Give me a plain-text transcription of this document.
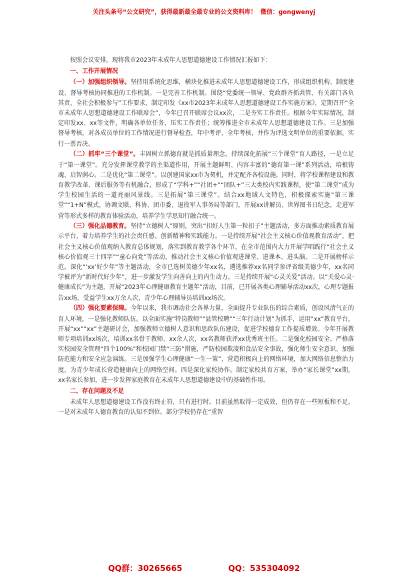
关注头条号“公文研究”，获得最新最全最专业的公文资料库！ 微信：gongwenyj

按照会议安排，现将我市2023年未成年人思想道德建设工作情况汇报如下：

一、工作开展情况

（一）加强组织领导。坚持用系统化思维，横块化推进未成年人思想道德建设工作，形成组织机构、制度建设、督导考核协同推进的工作机制。一是完善工作机制。围绕“党委统一领导、党政群齐抓共管、有关部门各负其责、全社会积极参与”工作要求，制定印发《xx市2023年未成年人思想道德建设工作实施方案》，定期召开“全市未成年人思想道德建设工作联席会”，今年已召开联席会议xx次，二是夯实工作责任。根据今年实际情况，制定印发xx、xx等文件，明确各单位任务，压实工作责任；统筹推进全市未成年人思想道德建设工作。三是加强督导考核。对各成员单位的工作情况进行督导检查，年中考评、全年考核，并作为评选文明单位的重要依据，实行一票否决。

（二）抓牢“三个课堂”。丰固树立抓德育就是抓质量理念，持续深化拓展“三个课堂”育人路径，一是立足于“第一课堂”。充分发挥课堂教学的主渠道作用，开展主题鲜明、内容丰富的“德育第一课”系列活动，培根铸魂、启智润心。二是优化“第二课堂”。以创建国家xx市为契机，并定配齐各校设施。同时，将学校课程建设和教育教学改革、课后服务等有机融合，形成了“学科+”“社团+”“团队+”三大类校内实践课程，使“第二课堂”成为学生校园生活的一道亮丽风景线。三是拓展“第三课堂”。结合xx地域人文特色，积极探索实施“第三课堂”“1+N”模式，协调文联、科协、团市委、退役军人事务局等部门，开展xx讲解员、世界图书日纪念，走进军营等形式多样的教育体验活动，培养学生学思知行融合统一。

（三）强化品德教育。坚持“立德树人”原则，突出“扣好人生第一粒扣子”主题活动，多方面推动素质教育展示平台，着力培养学生的社会责任感、创新精神和实践能力。一是持续开展“社会主义核心价值观教育活动”，把社会主义核心价值观纳入教育总体规划，落实到教育教学各个环节，在全市范围内大力开展学唱践行“社会主义核心价值观三十四字”“童心向党”等活动，推动社会主义核心价值观进课堂、进课本、进头脑。二是开展榜样示范。深化“‘xx’好少年”等主题活动，全市已选树美德少年xx名，遴选推荐xx名同学参评省级美德少年，xx名同学被评为“新时代好少年”，进一步激发学生向善向上的内生动力。三是持续开展“心灵关爱”活动。以“关爱心灵·健康成长”为主题，开展“2023年心理健康教育主题年”活动，目前，已开展各类心理辅导活动xx次，心理专题报告xx场，受益学生xx万余人次，青少年心理辅导员培训xx场次。

（四）强化要素保障。今年以来，我市调动社会各界力量，全面提升专业队伍的综合素质，创设风清气正的育人环境，一是强化教师队伍。以全面实施“特岗教师”“县管校聘”“三年行动计划”为抓手，运用“xx”教育平台，开展“xx”“xx”主题研讨会，加强教师立德树人意识和思政队伍建设，促进学校德育工作提质增效。今年开展教师专项培训xx场次，培训xx名骨干教师、xx余人次，xx名教师获评xx优秀班主任。二是强化校园安全。严格落实校园安全管理“四个100%”和校园门禁“三防”措施，严防校园欺凌和食品安全事故，强化师生安全意识、加强防范能力和安全应急演练。三是加强学生心理健康“一生一策”，营造积极向上的网络环境，加大网络信息整治力度，为青少年成长营造健康向上的网络空间。四是深化家校协作。制定家校共育方案，举办“家长课堂”xx期，xx名家长参加，进一步发挥家庭教育在未成年人思想道德建设中的基础性作用。

二、存在问题及不足

未成年人思想道德建设工作没有终止符，只有进行时。目前虽然取得一定成效，但仍存在一些短板和不足。一是对未成年人德育教育的认知不到位。部分学校仍存在“重智

QQ群：30265665	QQ：535304092
